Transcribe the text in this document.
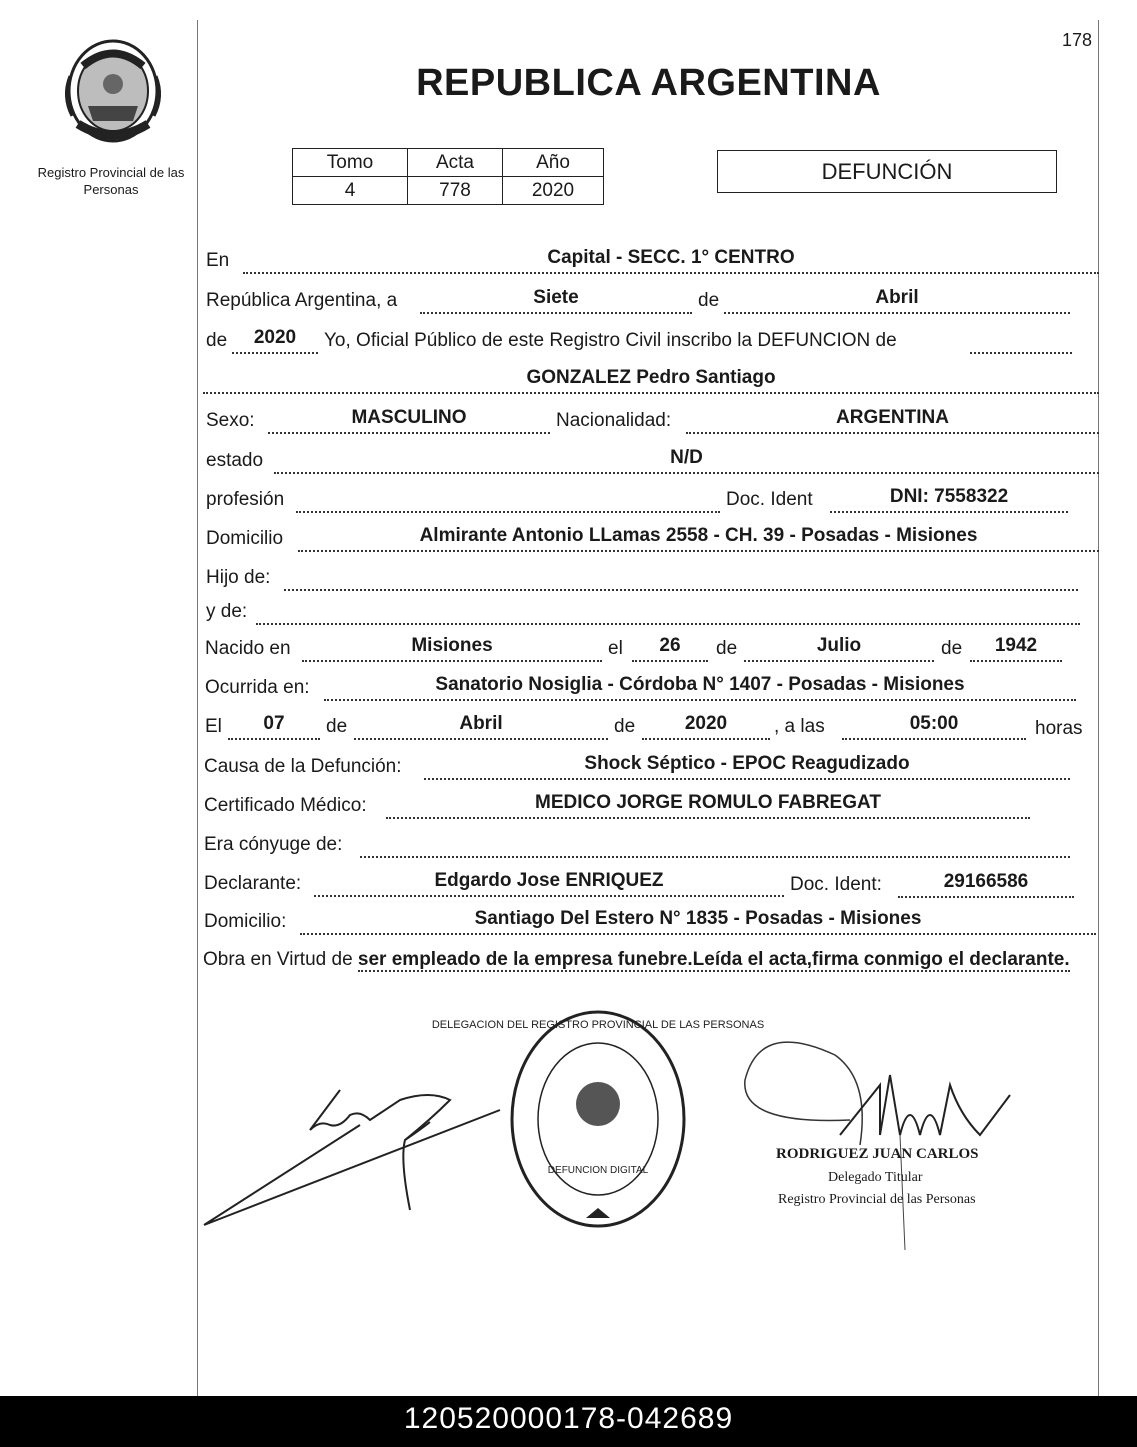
178
Registro Provincial de las Personas
REPUBLICA ARGENTINA
Tomo	Acta	Año
4	778	2020
DEFUNCIÓN
En	Capital - SECC. 1° CENTRO
República Argentina, a	Siete	de	Abril
de	2020	Yo, Oficial Público de este Registro Civil inscribo la DEFUNCION de
GONZALEZ Pedro Santiago
Sexo:	MASCULINO	Nacionalidad:	ARGENTINA
estado	N/D
profesión	Doc. Ident	DNI: 7558322
Domicilio	Almirante Antonio LLamas 2558 - CH. 39 - Posadas - Misiones
Hijo de:
y de:
Nacido en	Misiones	el	26	de	Julio	de	1942
Ocurrida en:	Sanatorio Nosiglia - Córdoba N° 1407 - Posadas - Misiones
El	07	de	Abril	de	2020	, a las	05:00	horas
Causa de la Defunción:	Shock Séptico - EPOC Reagudizado
Certificado Médico:	MEDICO JORGE ROMULO FABREGAT
Era cónyuge de:
Declarante:	Edgardo Jose ENRIQUEZ	Doc. Ident:	29166586
Domicilio:	Santiago Del Estero N° 1835 - Posadas - Misiones
Obra en Virtud de ser empleado de la empresa funebre.Leída el acta,firma conmigo el declarante.
DELEGACION DEL REGISTRO PROVINCIAL DE LAS PERSONAS
DEFUNCION DIGITAL
RODRIGUEZ JUAN CARLOS
Delegado Titular
Registro Provincial de las Personas
120520000178-042689
